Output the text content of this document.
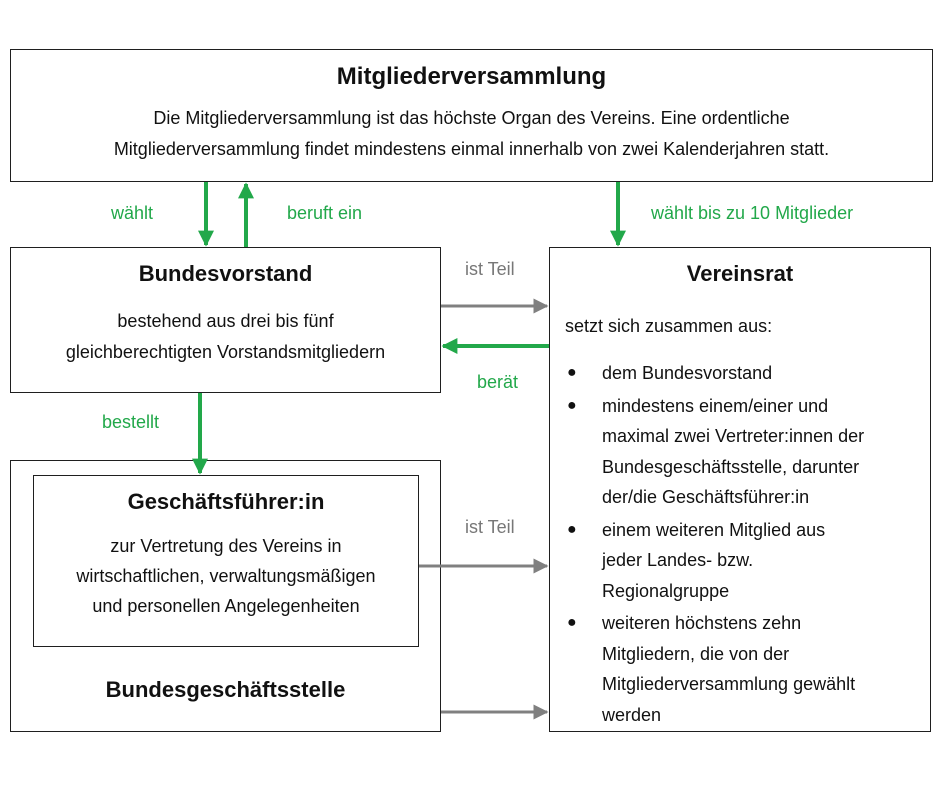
Mitgliederversammlung
Die Mitgliederversammlung ist das höchste Organ des Vereins. Eine ordentliche
Mitgliederversammlung findet mindestens einmal innerhalb von zwei Kalenderjahren statt.
Bundesvorstand
bestehend aus drei bis fünf
gleichberechtigten Vorstandsmitgliedern
Geschäftsführer:in
zur Vertretung des Vereins in
wirtschaftlichen, verwaltungsmäßigen
und personellen Angelegenheiten
Bundesgeschäftsstelle
Vereinsrat
setzt sich zusammen aus:
● dem Bundesvorstand
● mindestens einem/einer und
maximal zwei Vertreter:innen der
Bundesgeschäftsstelle, darunter
der/die Geschäftsführer:in
● einem weiteren Mitglied aus
jeder Landes- bzw.
Regionalgruppe
● weiteren höchstens zehn
Mitgliedern, die von der
Mitgliederversammlung gewählt
werden
wählt	beruft ein	wählt bis zu 10 Mitglieder
ist Teil
berät
bestellt
ist Teil
